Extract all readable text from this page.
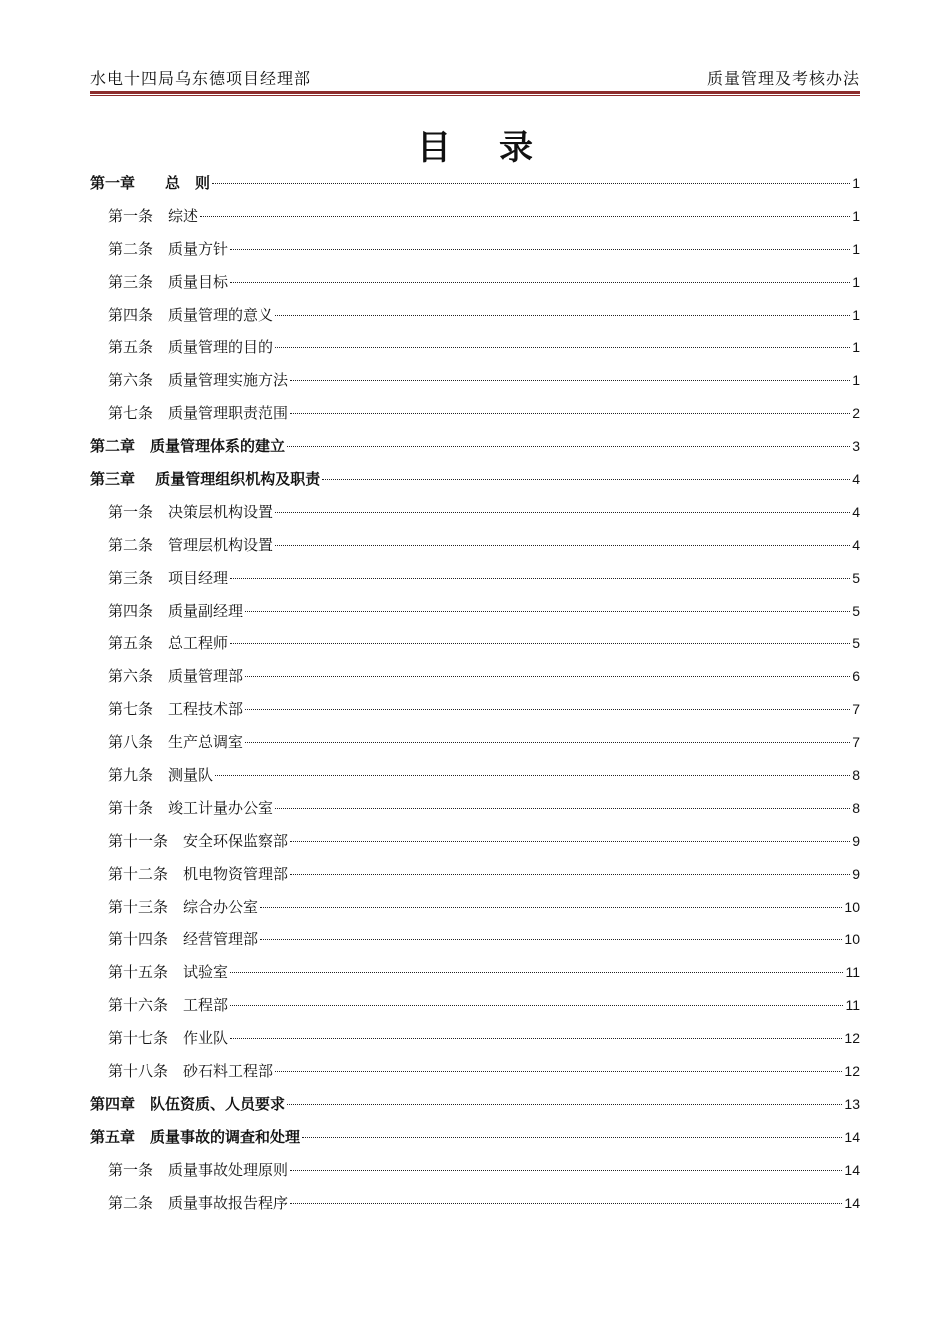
水电十四局乌东德项目经理部	质量管理及考核办法
目录
第一章　　总　则	1
第一条　综述	1
第二条　质量方针	1
第三条　质量目标	1
第四条　质量管理的意义	1
第五条　质量管理的目的	1
第六条　质量管理实施方法	1
第七条　质量管理职责范围	2
第二章　质量管理体系的建立	3
第三章　 质量管理组织机构及职责	4
第一条　决策层机构设置	4
第二条　管理层机构设置	4
第三条　项目经理	5
第四条　质量副经理	5
第五条　总工程师	5
第六条　质量管理部	6
第七条　工程技术部	7
第八条　生产总调室	7
第九条　测量队	8
第十条　竣工计量办公室	8
第十一条　安全环保监察部	9
第十二条　机电物资管理部	9
第十三条　综合办公室	10
第十四条　经营管理部	10
第十五条　试验室	11
第十六条　工程部	11
第十七条　作业队	12
第十八条　砂石料工程部	12
第四章　队伍资质、人员要求	13
第五章　质量事故的调查和处理	14
第一条　质量事故处理原则	14
第二条　质量事故报告程序	14
